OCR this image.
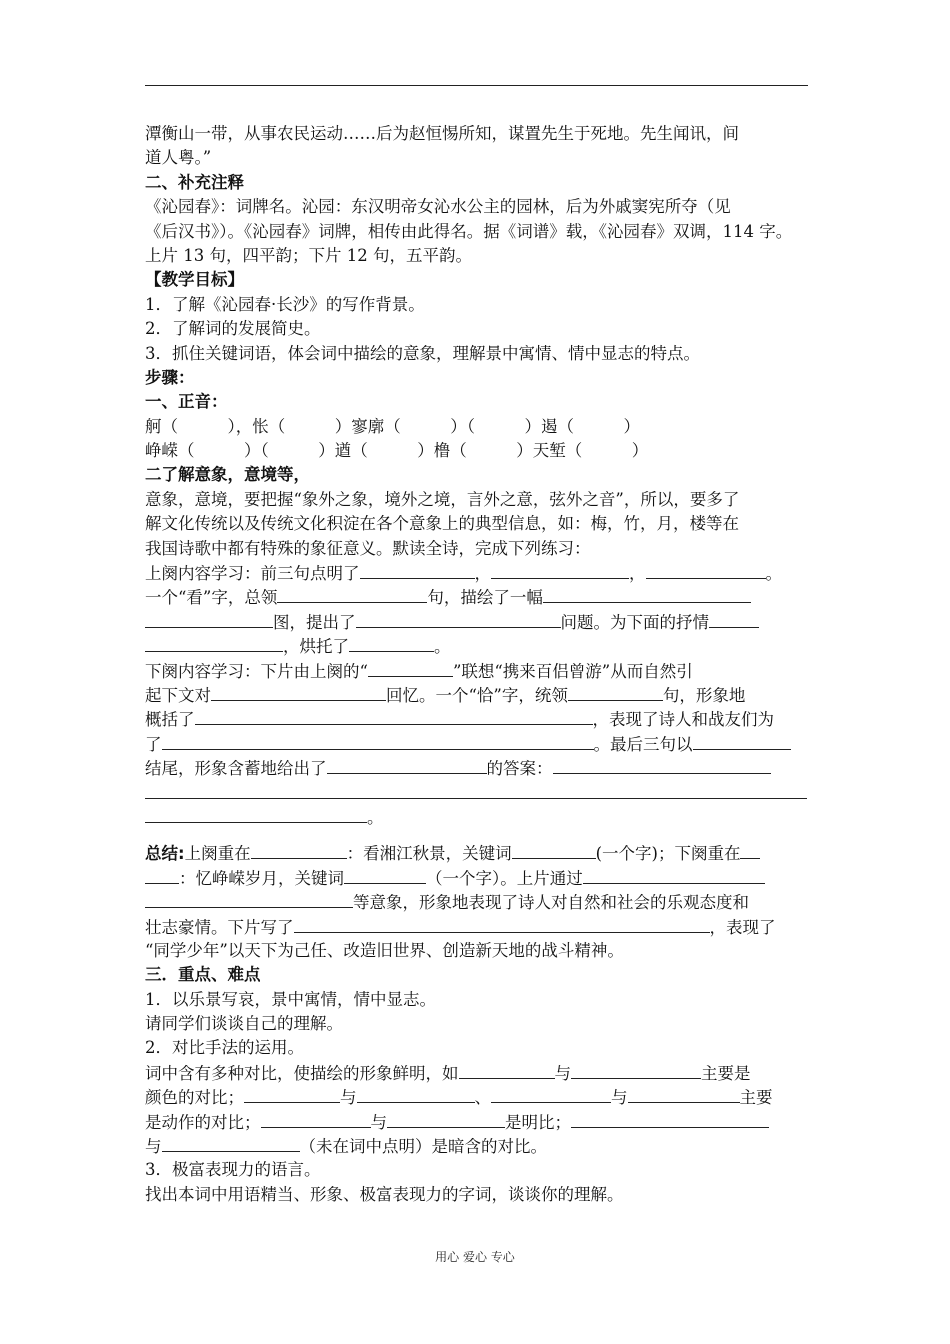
潭衡山一带，从事农民运动……后为赵恒惕所知，谋置先生于死地。先生闻讯，间
道人粤。”
二、补充注释
《沁园春》：词牌名。沁园：东汉明帝女沁水公主的园林，后为外戚窦宪所夺（见
《后汉书》）。《沁园春》词牌，相传由此得名。据《词谱》载，《沁园春》双调，114 字。
上片 13 句，四平韵；下片 12 句，五平韵。
【教学目标】
1．了解《沁园春·长沙》的写作背景。
2．了解词的发展简史。
3．抓住关键词语，体会词中描绘的意象，理解景中寓情、情中显志的特点。
步骤：
一、正音：
舸（　　　），怅（　　　）寥廓（　　　）（　　　）遏（　　　）
峥嵘（　　　）（　　　）遒（　　　）橹（　　　）天堑（　　　）
二了解意象，意境等，
意象，意境，要把握“象外之象，境外之境，言外之意，弦外之音”，所以，要多了
解文化传统以及传统文化积淀在各个意象上的典型信息，如：梅，竹，月，楼等在
我国诗歌中都有特殊的象征意义。默读全诗，完成下列练习：
上阕内容学习：前三句点明了	，	，	。
一个“看”字，总领	句，描绘了一幅
图，提出了	问题。为下面的抒情
，烘托了	。
下阕内容学习：下片由上阕的“	”联想“携来百侣曾游”从而自然引
起下文对	回忆。一个“恰”字，统领	句，形象地
概括了	，表现了诗人和战友们为
了	。最后三句以
结尾，形象含蓄地给出了	的答案：
。
总结:上阕重在	：看湘江秋景，关键词	(一个字)；下阕重在
：忆峥嵘岁月，关键词	（一个字）。上片通过
等意象，形象地表现了诗人对自然和社会的乐观态度和
壮志豪情。下片写了	，表现了
“同学少年”以天下为己任、改造旧世界、创造新天地的战斗精神。
三．重点、难点
1．以乐景写哀，景中寓情，情中显志。
请同学们谈谈自己的理解。
2．对比手法的运用。
词中含有多种对比，使描绘的形象鲜明，如	与	主要是
颜色的对比；	与	、	与	主要
是动作的对比；	与	是明比；
与	（未在词中点明）是暗含的对比。
3．极富表现力的语言。
找出本词中用语精当、形象、极富表现力的字词，谈谈你的理解。
用心 爱心 专心
